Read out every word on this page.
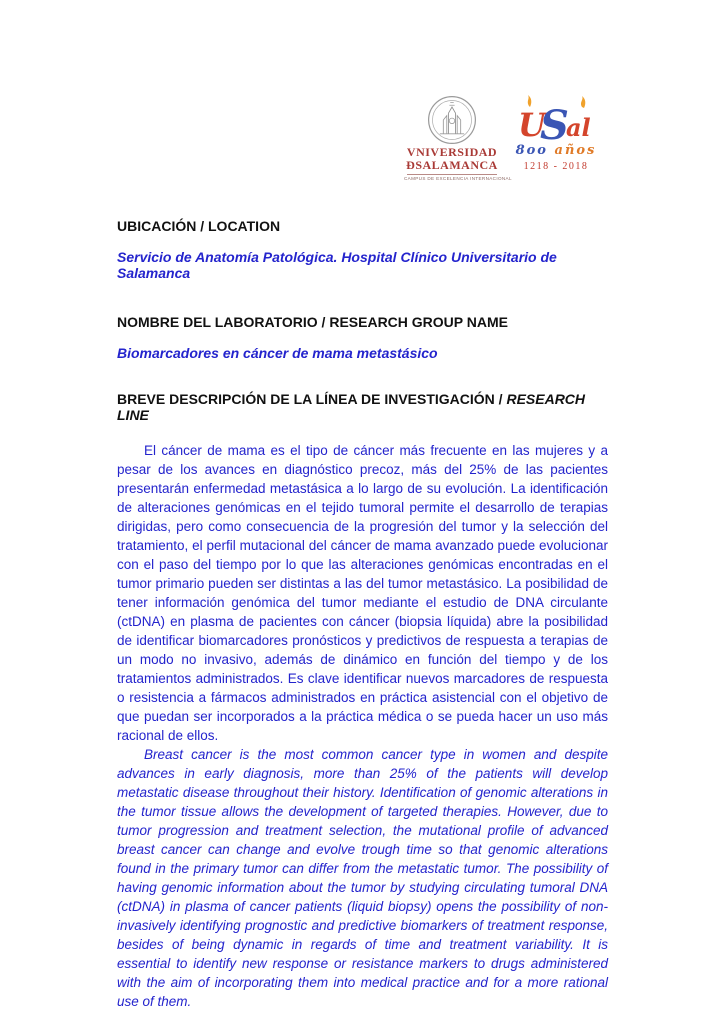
VNIVERSIDAD
ĐSALAMANCA
CAMPUS DE EXCELENCIA INTERNACIONAL
U
S
al
8oo años
1218 - 2018

UBICACIÓN / LOCATION

Servicio de Anatomía Patológica. Hospital Clínico Universitario de Salamanca

NOMBRE DEL LABORATORIO / RESEARCH GROUP NAME

Biomarcadores en cáncer de mama metastásico

BREVE DESCRIPCIÓN DE LA LÍNEA DE INVESTIGACIÓN / RESEARCH LINE

El cáncer de mama es el tipo de cáncer más frecuente en las mujeres y a pesar de los avances en diagnóstico precoz, más del 25% de las pacientes presentarán enfermedad metastásica a lo largo de su evolución. La identificación de alteraciones genómicas en el tejido tumoral permite el desarrollo de terapias dirigidas, pero como consecuencia de la progresión del tumor y la selección del tratamiento, el perfil mutacional del cáncer de mama avanzado puede evolucionar con el paso del tiempo por lo que las alteraciones genómicas encontradas en el tumor primario pueden ser distintas a las del tumor metastásico. La posibilidad de tener información genómica del tumor mediante el estudio de DNA circulante (ctDNA) en plasma de pacientes con cáncer (biopsia líquida) abre la posibilidad de identificar biomarcadores pronósticos y predictivos de respuesta a terapias de un modo no invasivo, además de dinámico en función del tiempo y de los tratamientos administrados. Es clave identificar nuevos marcadores de respuesta o resistencia a fármacos administrados en práctica asistencial con el objetivo de que puedan ser incorporados a la práctica médica o se pueda hacer un uso más racional de ellos.

Breast cancer is the most common cancer type in women and despite advances in early diagnosis, more than 25% of the patients will develop metastatic disease throughout their history. Identification of genomic alterations in the tumor tissue allows the development of targeted therapies. However, due to tumor progression and treatment selection, the mutational profile of advanced breast cancer can change and evolve trough time so that genomic alterations found in the primary tumor can differ from the metastatic tumor. The possibility of having genomic information about the tumor by studying circulating tumoral DNA (ctDNA) in plasma of cancer patients (liquid biopsy) opens the possibility of non-invasively identifying prognostic and predictive biomarkers of treatment response, besides of being dynamic in regards of time and treatment variability. It is essential to identify new response or resistance markers to drugs administered with the aim of incorporating them into medical practice and for a more rational use of them.
